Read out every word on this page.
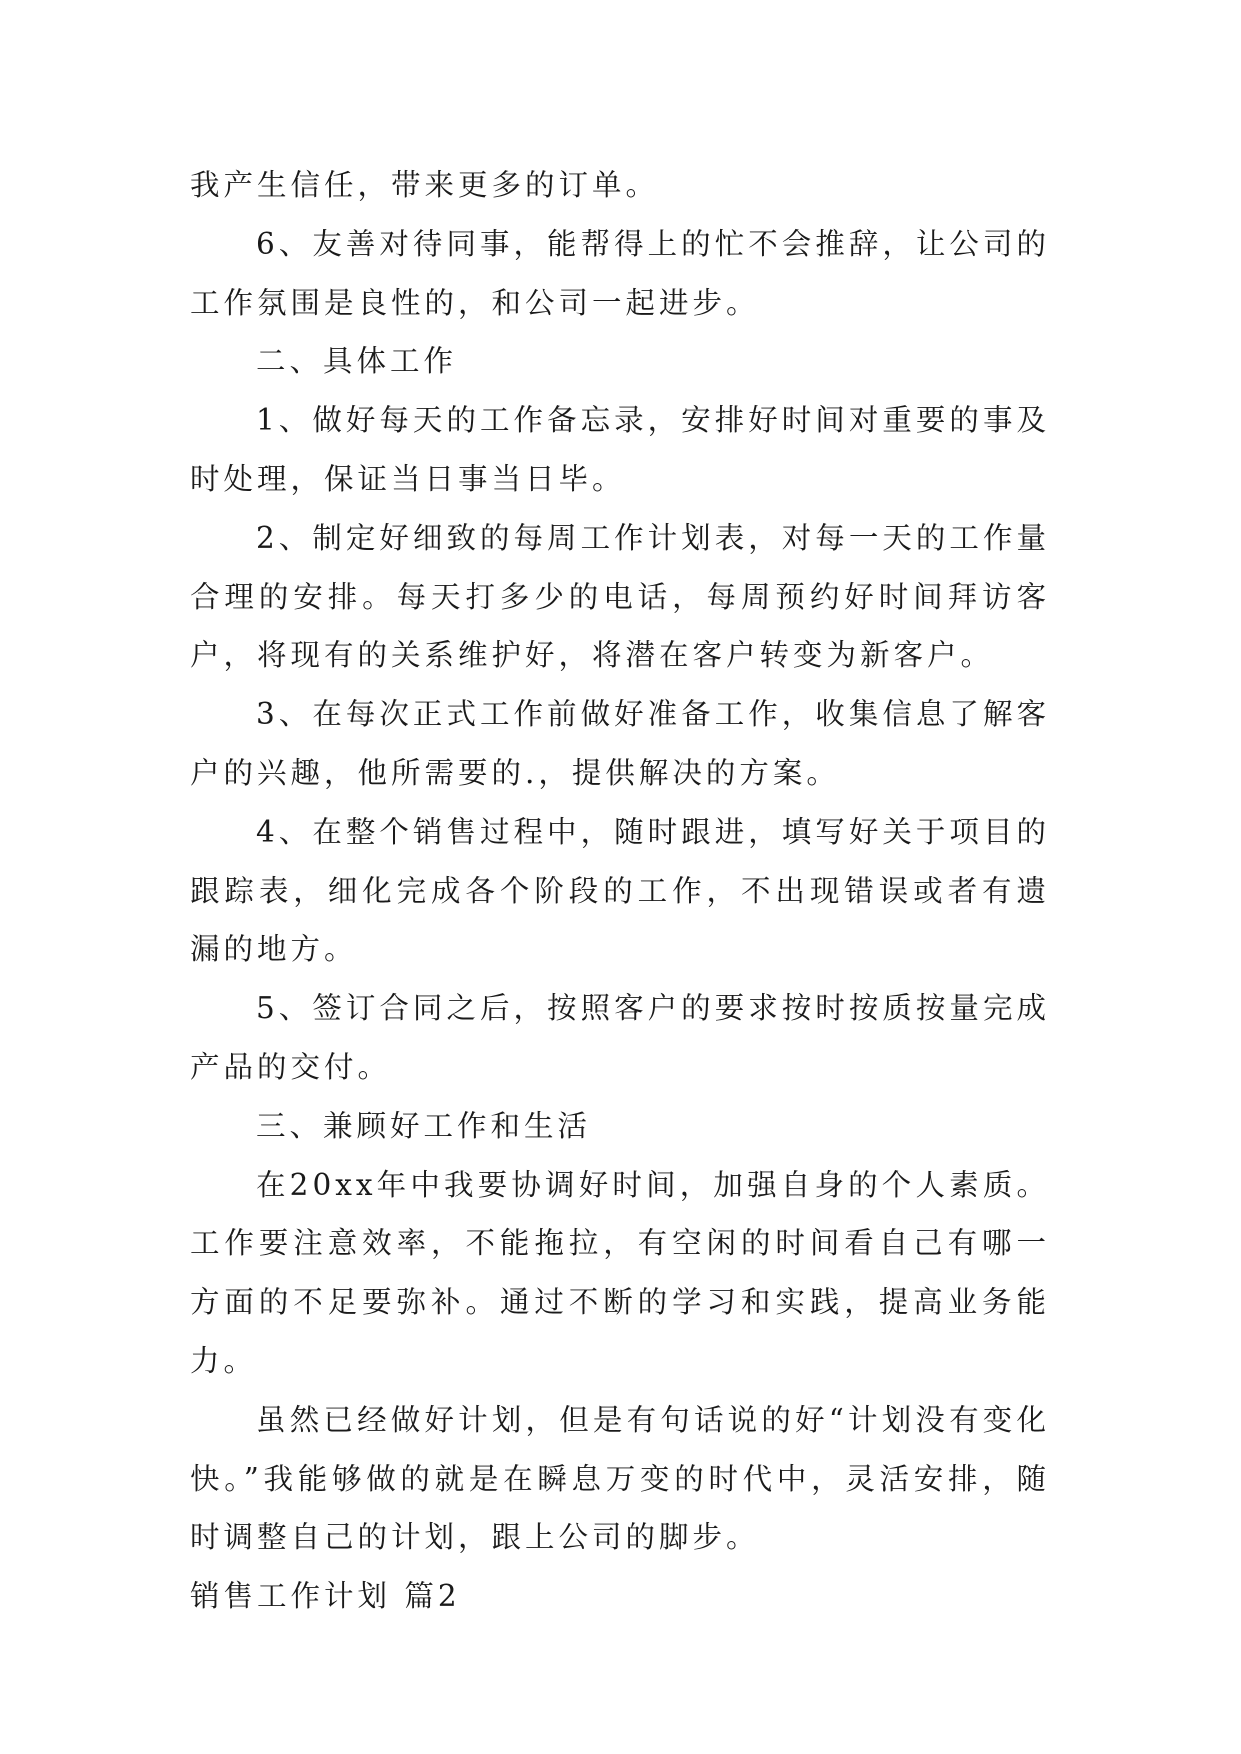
我产生信任，带来更多的订单。

6、友善对待同事，能帮得上的忙不会推辞，让公司的工作氛围是良性的，和公司一起进步。

二、具体工作

1、做好每天的工作备忘录，安排好时间对重要的事及时处理，保证当日事当日毕。

2、制定好细致的每周工作计划表，对每一天的工作量合理的安排。每天打多少的电话，每周预约好时间拜访客户，将现有的关系维护好，将潜在客户转变为新客户。

3、在每次正式工作前做好准备工作，收集信息了解客户的兴趣，他所需要的.，提供解决的方案。

4、在整个销售过程中，随时跟进，填写好关于项目的跟踪表，细化完成各个阶段的工作，不出现错误或者有遗漏的地方。

5、签订合同之后，按照客户的要求按时按质按量完成产品的交付。

三、兼顾好工作和生活

在20xx年中我要协调好时间，加强自身的个人素质。工作要注意效率，不能拖拉，有空闲的时间看自己有哪一方面的不足要弥补。通过不断的学习和实践，提高业务能力。

虽然已经做好计划，但是有句话说的好“计划没有变化快。”我能够做的就是在瞬息万变的时代中，灵活安排，随时调整自己的计划，跟上公司的脚步。

销售工作计划 篇2
